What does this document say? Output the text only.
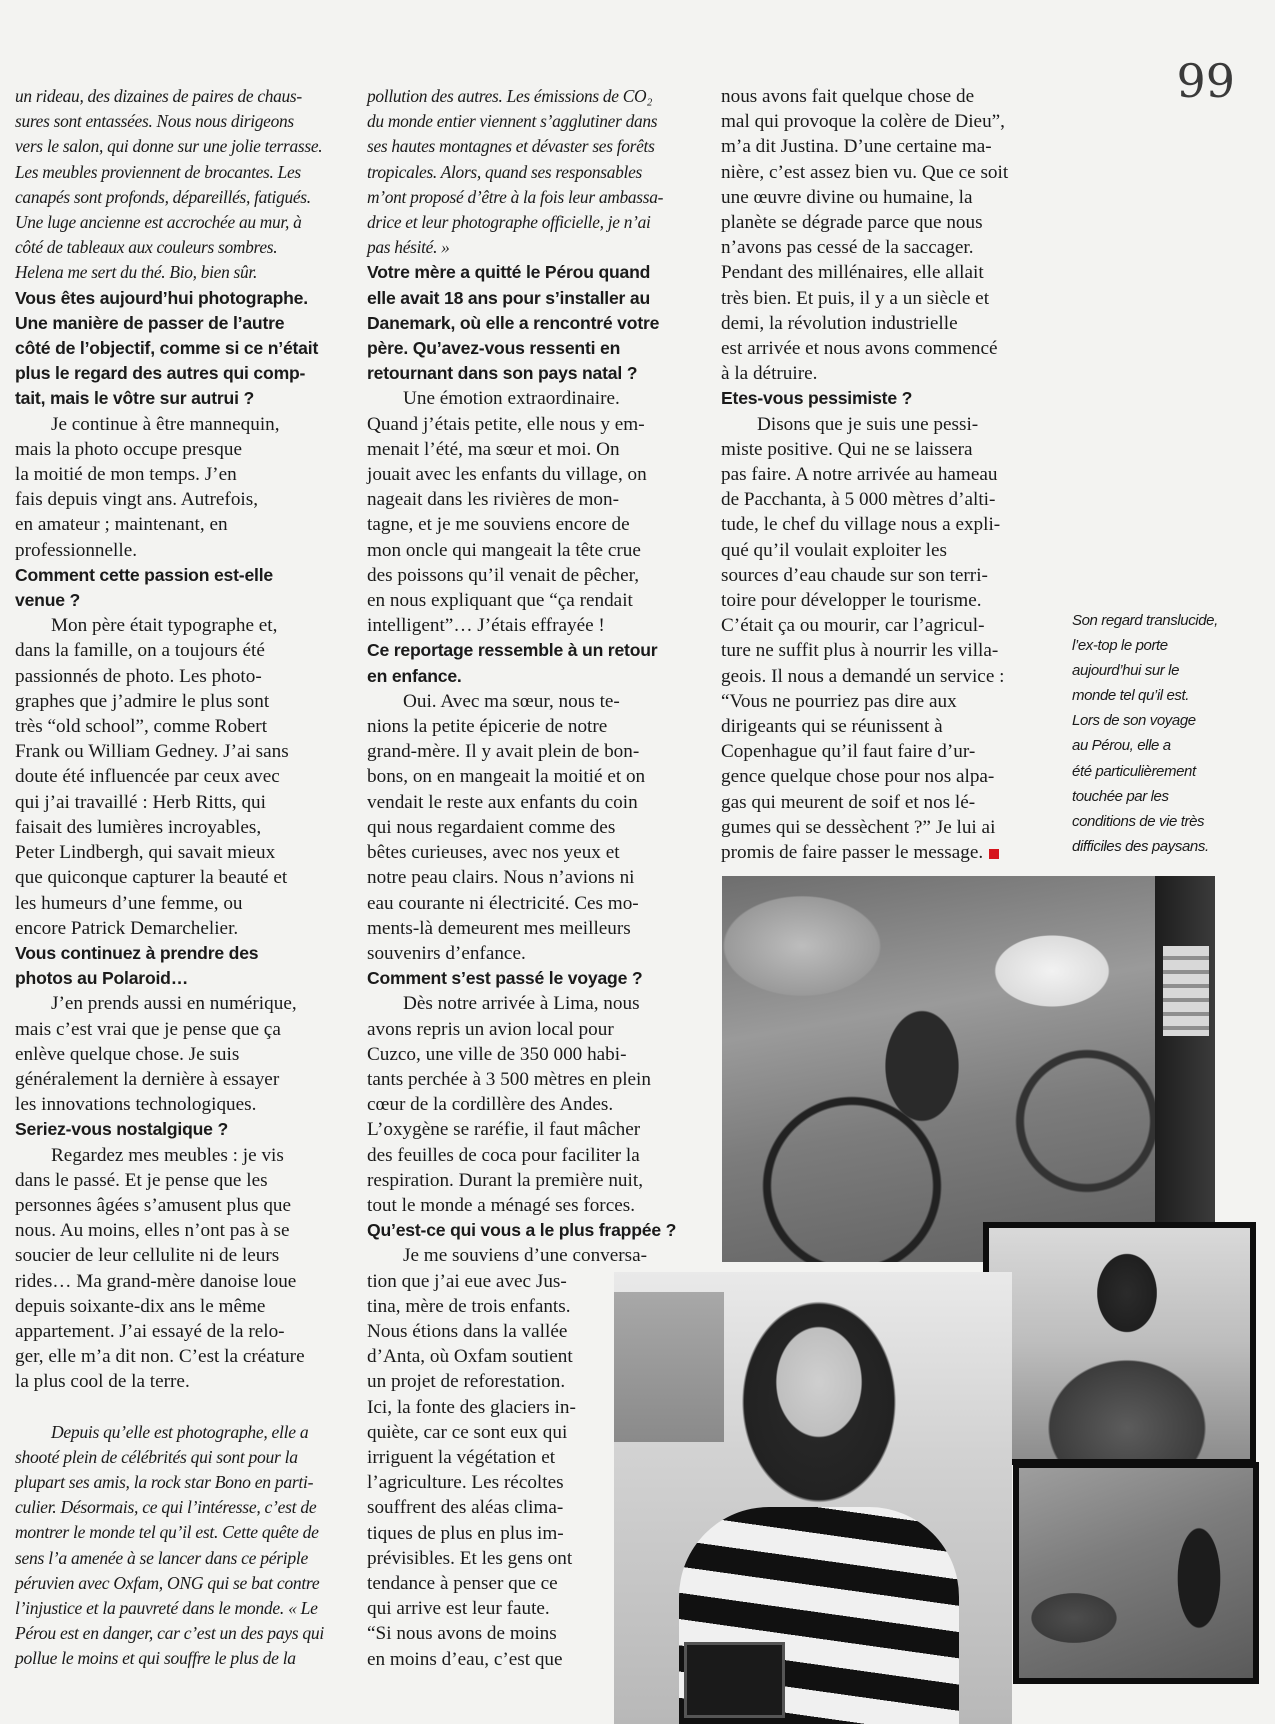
99

un rideau, des dizaines de paires de chaus-
sures sont entassées. Nous nous dirigeons
vers le salon, qui donne sur une jolie terrasse.
Les meubles proviennent de brocantes. Les
canapés sont profonds, dépareillés, fatigués.
Une luge ancienne est accrochée au mur, à
côté de tableaux aux couleurs sombres.
Helena me sert du thé. Bio, bien sûr.

Vous êtes aujourd’hui photographe.
Une manière de passer de l’autre
côté de l’objectif, comme si ce n’était
plus le regard des autres qui comp-
tait, mais le vôtre sur autrui ?

Je continue à être mannequin,
mais la photo occupe presque
la moitié de mon temps. J’en
fais depuis vingt ans. Autrefois,
en amateur ; maintenant, en
professionnelle.

Comment cette passion est-elle
venue ?

Mon père était typographe et,
dans la famille, on a toujours été
passionnés de photo. Les photo-
graphes que j’admire le plus sont
très “old school”, comme Robert
Frank ou William Gedney. J’ai sans
doute été influencée par ceux avec
qui j’ai travaillé : Herb Ritts, qui
faisait des lumières incroyables,
Peter Lindbergh, qui savait mieux
que quiconque capturer la beauté et
les humeurs d’une femme, ou
encore Patrick Demarchelier.

Vous continuez à prendre des
photos au Polaroid…

J’en prends aussi en numérique,
mais c’est vrai que je pense que ça
enlève quelque chose. Je suis
généralement la dernière à essayer
les innovations technologiques.

Seriez-vous nostalgique ?

Regardez mes meubles : je vis
dans le passé. Et je pense que les
personnes âgées s’amusent plus que
nous. Au moins, elles n’ont pas à se
soucier de leur cellulite ni de leurs
rides… Ma grand-mère danoise loue
depuis soixante-dix ans le même
appartement. J’ai essayé de la relo-
ger, elle m’a dit non. C’est la créature
la plus cool de la terre.

Depuis qu’elle est photographe, elle a
shooté plein de célébrités qui sont pour la
plupart ses amis, la rock star Bono en parti-
culier. Désormais, ce qui l’intéresse, c’est de
montrer le monde tel qu’il est. Cette quête de
sens l’a amenée à se lancer dans ce périple
péruvien avec Oxfam, ONG qui se bat contre
l’injustice et la pauvreté dans le monde. « Le
Pérou est en danger, car c’est un des pays qui
pollue le moins et qui souffre le plus de la

pollution des autres. Les émissions de CO₂
du monde entier viennent s’agglutiner dans
ses hautes montagnes et dévaster ses forêts
tropicales. Alors, quand ses responsables
m’ont proposé d’être à la fois leur ambassa-
drice et leur photographe officielle, je n’ai
pas hésité. »

Votre mère a quitté le Pérou quand
elle avait 18 ans pour s’installer au
Danemark, où elle a rencontré votre
père. Qu’avez-vous ressenti en
retournant dans son pays natal ?

Une émotion extraordinaire.
Quand j’étais petite, elle nous y em-
menait l’été, ma sœur et moi. On
jouait avec les enfants du village, on
nageait dans les rivières de mon-
tagne, et je me souviens encore de
mon oncle qui mangeait la tête crue
des poissons qu’il venait de pêcher,
en nous expliquant que “ça rendait
intelligent”… J’étais effrayée !

Ce reportage ressemble à un retour
en enfance.

Oui. Avec ma sœur, nous te-
nions la petite épicerie de notre
grand-mère. Il y avait plein de bon-
bons, on en mangeait la moitié et on
vendait le reste aux enfants du coin
qui nous regardaient comme des
bêtes curieuses, avec nos yeux et
notre peau clairs. Nous n’avions ni
eau courante ni électricité. Ces mo-
ments-là demeurent mes meilleurs
souvenirs d’enfance.

Comment s’est passé le voyage ?

Dès notre arrivée à Lima, nous
avons repris un avion local pour
Cuzco, une ville de 350 000 habi-
tants perchée à 3 500 mètres en plein
cœur de la cordillère des Andes.
L’oxygène se raréfie, il faut mâcher
des feuilles de coca pour faciliter la
respiration. Durant la première nuit,
tout le monde a ménagé ses forces.

Qu’est-ce qui vous a le plus frappée ?

Je me souviens d’une conversa-
tion que j’ai eue avec Jus-
tina, mère de trois enfants.
Nous étions dans la vallée
d’Anta, où Oxfam soutient
un projet de reforestation.
Ici, la fonte des glaciers in-
quiète, car ce sont eux qui
irriguent la végétation et
l’agriculture. Les récoltes
souffrent des aléas clima-
tiques de plus en plus im-
prévisibles. Et les gens ont
tendance à penser que ce
qui arrive est leur faute.
“Si nous avons de moins
en moins d’eau, c’est que

nous avons fait quelque chose de
mal qui provoque la colère de Dieu”,
m’a dit Justina. D’une certaine ma-
nière, c’est assez bien vu. Que ce soit
une œuvre divine ou humaine, la
planète se dégrade parce que nous
n’avons pas cessé de la saccager.
Pendant des millénaires, elle allait
très bien. Et puis, il y a un siècle et
demi, la révolution industrielle
est arrivée et nous avons commencé
à la détruire.

Etes-vous pessimiste ?

Disons que je suis une pessi-
miste positive. Qui ne se laissera
pas faire. A notre arrivée au hameau
de Pacchanta, à 5 000 mètres d’alti-
tude, le chef du village nous a expli-
qué qu’il voulait exploiter les
sources d’eau chaude sur son terri-
toire pour développer le tourisme.
C’était ça ou mourir, car l’agricul-
ture ne suffit plus à nourrir les villa-
geois. Il nous a demandé un service :
“Vous ne pourriez pas dire aux
dirigeants qui se réunissent à
Copenhague qu’il faut faire d’ur-
gence quelque chose pour nos alpa-
gas qui meurent de soif et nos lé-
gumes qui se dessèchent ?” Je lui ai
promis de faire passer le message.

Son regard translucide,
l’ex-top le porte
aujourd’hui sur le
monde tel qu’il est.
Lors de son voyage
au Pérou, elle a
été particulièrement
touchée par les
conditions de vie très
difficiles des paysans.
